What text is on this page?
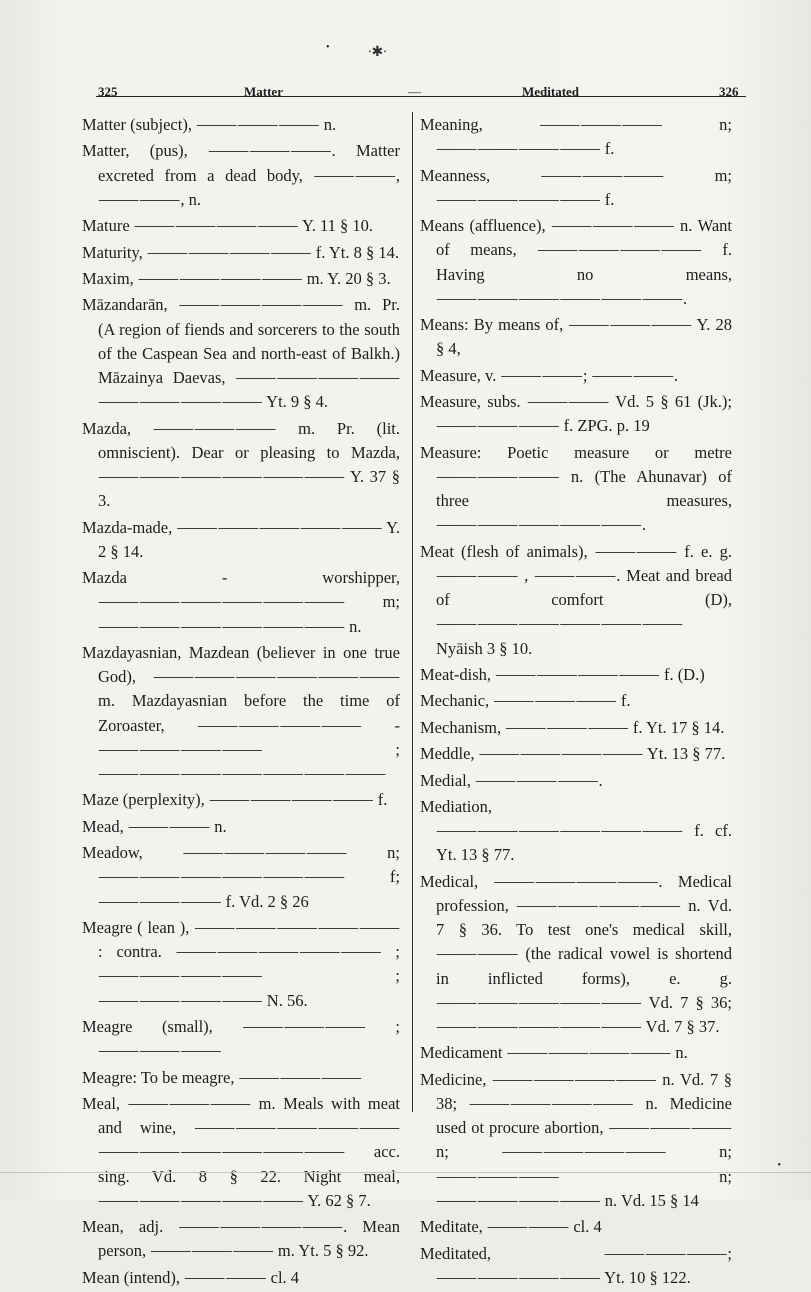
•	∙✱∙
325	Matter	—	Meditated	326

Matter (subject), ⸻⸻⸻ n.

Matter, (pus), ⸻⸻⸻. Matter excreted from a dead body, ⸻⸻, ⸻⸻, n.

Mature ⸻⸻⸻⸻ Y. 11 § 10.

Maturity, ⸻⸻⸻⸻ f. Yt. 8 § 14.

Maxim, ⸻⸻⸻⸻ m. Y. 20 § 3.

Māzandarān, ⸻⸻⸻⸻ m. Pr. (A region of fiends and sorcerers to the south of the Caspean Sea and north-east of Balkh.) Māzainya Daevas, ⸻⸻⸻⸻ ⸻⸻⸻⸻ Yt. 9 § 4.

Mazda, ⸻⸻⸻ m. Pr. (lit. omniscient). Dear or pleasing to Mazda, ⸻⸻⸻⸻⸻⸻ Y. 37 § 3.

Mazda-made, ⸻⸻⸻⸻⸻ Y. 2 § 14.

Mazda - worshipper, ⸻⸻⸻⸻⸻⸻ m; ⸻⸻⸻⸻⸻⸻ n.

Mazdayasnian, Mazdean (believer in one true God), ⸻⸻⸻⸻⸻⸻ m. Mazdayasnian before the time of Zoroaster, ⸻⸻⸻⸻ - ⸻⸻⸻⸻ ; ⸻⸻⸻⸻⸻⸻⸻

Maze (perplexity), ⸻⸻⸻⸻ f.

Mead, ⸻⸻ n.

Meadow, ⸻⸻⸻⸻ n; ⸻⸻⸻⸻⸻⸻ f; ⸻⸻⸻ f. Vd. 2 § 26

Meagre ( lean ), ⸻⸻⸻⸻⸻ : contra. ⸻⸻⸻⸻⸻ ; ⸻⸻⸻⸻ ; ⸻⸻⸻⸻ N. 56.

Meagre (small), ⸻⸻⸻ ; ⸻⸻⸻

Meagre: To be meagre, ⸻⸻⸻

Meal, ⸻⸻⸻ m. Meals with meat and wine, ⸻⸻⸻⸻⸻ ⸻⸻⸻⸻⸻⸻ acc. sing. Vd. 8 § 22. Night meal, ⸻⸻⸻⸻⸻ Y. 62 § 7.

Mean, adj. ⸻⸻⸻⸻. Mean person, ⸻⸻⸻ m. Yt. 5 § 92.

Mean (intend), ⸻⸻ cl. 4

Meaning, ⸻⸻⸻ n; ⸻⸻⸻⸻ f.

Meanness, ⸻⸻⸻ m; ⸻⸻⸻⸻ f.

Means (affluence), ⸻⸻⸻ n. Want of means, ⸻⸻⸻⸻ f. Having no means, ⸻⸻⸻⸻⸻⸻.

Means: By means of, ⸻⸻⸻ Y. 28 § 4,

Measure, v. ⸻⸻; ⸻⸻.

Measure, subs. ⸻⸻ Vd. 5 § 61 (Jk.); ⸻⸻⸻ f. ZPG. p. 19

Measure: Poetic measure or metre ⸻⸻⸻ n. (The Ahunavar) of three measures, ⸻⸻⸻⸻⸻.

Meat (flesh of animals), ⸻⸻ f. e. g. ⸻⸻ , ⸻⸻. Meat and bread of comfort (D), ⸻⸻⸻⸻⸻⸻ Nyāish 3 § 10.

Meat-dish, ⸻⸻⸻⸻ f. (D.)

Mechanic, ⸻⸻⸻ f.

Mechanism, ⸻⸻⸻ f. Yt. 17 § 14.

Meddle, ⸻⸻⸻⸻ Yt. 13 § 77.

Medial, ⸻⸻⸻.

Mediation, ⸻⸻⸻⸻⸻⸻ f. cf. Yt. 13 § 77.

Medical, ⸻⸻⸻⸻. Medical profession, ⸻⸻⸻⸻ n. Vd. 7 § 36. To test one's medical skill, ⸻⸻ (the radical vowel is shortend in inflicted forms), e. g. ⸻⸻⸻⸻⸻ Vd. 7 § 36; ⸻⸻⸻⸻⸻ Vd. 7 § 37.

Medicament ⸻⸻⸻⸻ n.

Medicine, ⸻⸻⸻⸻ n. Vd. 7 § 38; ⸻⸻⸻⸻ n. Medicine used ot procure abortion, ⸻⸻⸻ n; ⸻⸻⸻⸻ n; ⸻⸻⸻ n; ⸻⸻⸻⸻ n. Vd. 15 § 14

Meditate, ⸻⸻ cl. 4

Meditated, ⸻⸻⸻; ⸻⸻⸻⸻ Yt. 10 § 122.

•
